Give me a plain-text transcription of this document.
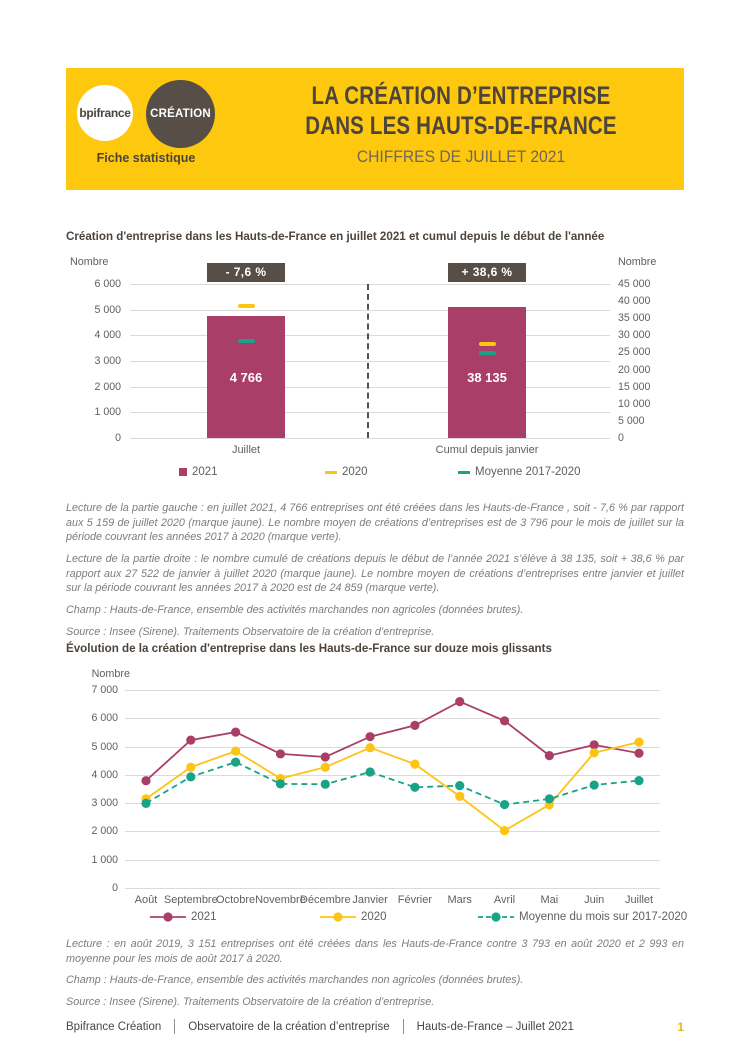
bpifrance CRÉATION
Fiche statistique
LA CRÉATION D’ENTREPRISE
DANS LES HAUTS-DE-FRANCE
CHIFFRES DE JUILLET 2021
Création d'entreprise dans les Hauts-de-France en juillet 2021 et cumul depuis le début de l'année
0
1 000
2 000
3 000
4 000
5 000
6 000
0
5 000
10 000
15 000
20 000
25 000
30 000
35 000
40 000
45 000
Nombre	Nombre
- 7,6 %
4 766
Juillet
+ 38,6 %
38 135
Cumul depuis janvier
2021	2020	Moyenne 2017-2020

Lecture de la partie gauche : en juillet 2021, 4 766 entreprises ont été créées dans les Hauts-de-France , soit - 7,6 % par rapport aux 5 159 de juillet 2020 (marque jaune). Le nombre moyen de créations d’entreprises est de 3 796 pour le mois de juillet sur la période couvrant les années 2017 à 2020 (marque verte).

Lecture de la partie droite : le nombre cumulé de créations depuis le début de l’année 2021 s’élève à 38 135, soit + 38,6 % par rapport aux 27 522 de janvier à juillet 2020 (marque jaune). Le nombre moyen de créations d’entreprises entre janvier et juillet sur la période couvrant les années 2017 à 2020 est de 24 859 (marque verte).

Champ : Hauts-de-France, ensemble des activités marchandes non agricoles (données brutes).

Source : Insee (Sirene). Traitements Observatoire de la création d’entreprise.

Évolution de la création d'entreprise dans les Hauts-de-France sur douze mois glissants
0
1 000
2 000
3 000
4 000
5 000
6 000
7 000
Nombre
Août Septembre
Octobre Novembre
Décembre Janvier Février	Mars	Avril	Mai	Juin	Juillet
2021	2020	Moyenne du mois sur 2017-2020

Lecture : en août 2019, 3 151 entreprises ont été créées dans les Hauts-de-France contre 3 793 en août 2020 et 2 993 en moyenne pour les mois de août 2017 à 2020.

Champ : Hauts-de-France, ensemble des activités marchandes non agricoles (données brutes).

Source : Insee (Sirene). Traitements Observatoire de la création d’entreprise.

Bpifrance Création Observatoire de la création d’entreprise Hauts-de-France – Juillet 2021	1
